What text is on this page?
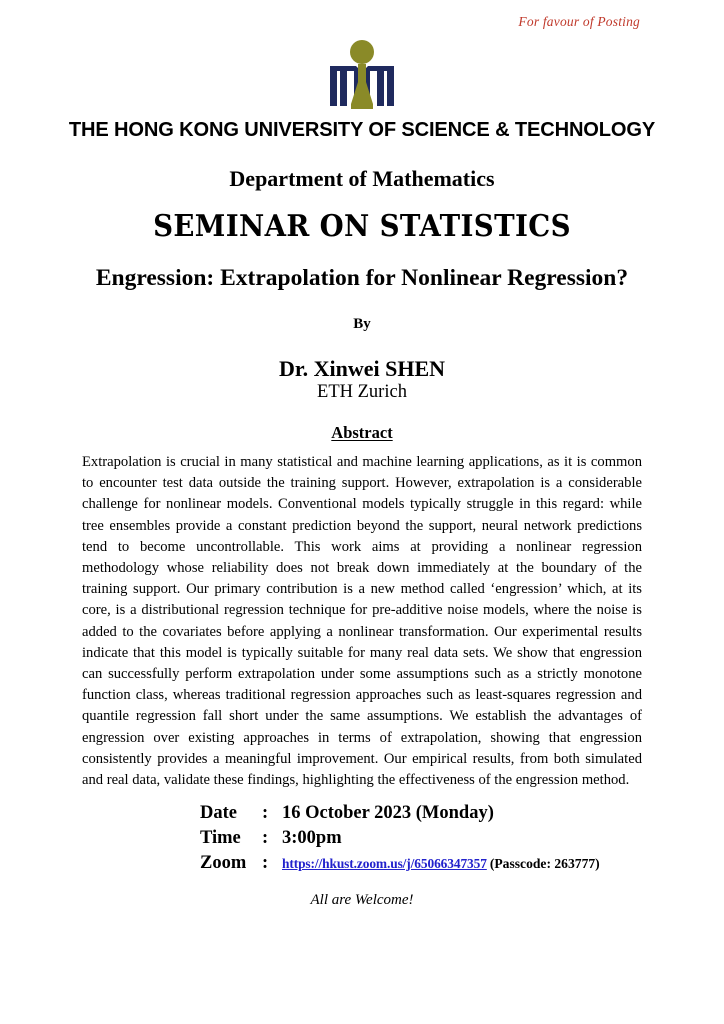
For favour of Posting
THE HONG KONG UNIVERSITY OF SCIENCE & TECHNOLOGY
Department of Mathematics
SEMINAR ON STATISTICS
Engression: Extrapolation for Nonlinear Regression?
By
Dr. Xinwei SHEN
ETH Zurich
Abstract
Extrapolation is crucial in many statistical and machine learning applications, as it is common to encounter test data outside the training support. However, extrapolation is a considerable challenge for nonlinear models. Conventional models typically struggle in this regard: while tree ensembles provide a constant prediction beyond the support, neural network predictions tend to become uncontrollable. This work aims at providing a nonlinear regression methodology whose reliability does not break down immediately at the boundary of the training support. Our primary contribution is a new method called ‘engression’ which, at its core, is a distributional regression technique for pre-additive noise models, where the noise is added to the covariates before applying a nonlinear transformation. Our experimental results indicate that this model is typically suitable for many real data sets. We show that engression can successfully perform extrapolation under some assumptions such as a strictly monotone function class, whereas traditional regression approaches such as least-squares regression and quantile regression fall short under the same assumptions. We establish the advantages of engression over existing approaches in terms of extrapolation, showing that engression consistently provides a meaningful improvement. Our empirical results, from both simulated and real data, validate these findings, highlighting the effectiveness of the engression method.
Date	: 16 October 2023 (Monday)
Time	: 3:00pm
Zoom :	https://hkust.zoom.us/j/65066347357 (Passcode: 263777)
All are Welcome!
